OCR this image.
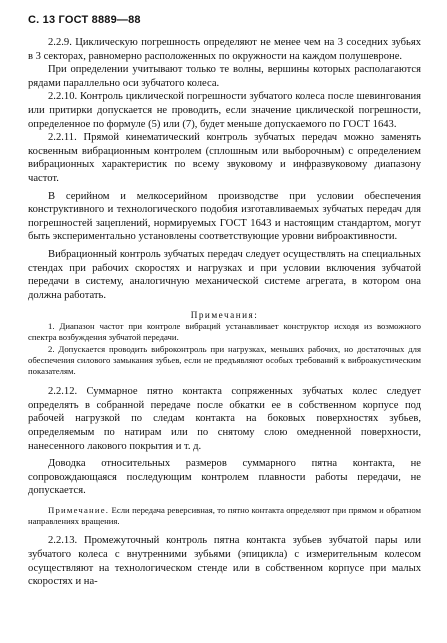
С. 13 ГОСТ 8889—88

2.2.9. Циклическую погрешность определяют не менее чем на 3 соседних зубьях в 3 секторах, равномерно расположенных по окружности на каждом полушевроне.

При определении учитывают только те волны, вершины которых располагаются рядами параллельно оси зубчатого колеса.

2.2.10. Контроль циклической погрешности зубчатого колеса после шевингования или притирки допускается не проводить, если значение циклической погрешности, определенное по формуле (5) или (7), будет меньше допускаемого по ГОСТ 1643.

2.2.11. Прямой кинематический контроль зубчатых передач можно заменять косвенным вибрационным контролем (сплошным или выборочным) с определением вибрационных характеристик по всему звуковому и инфразвуковому диапазону частот.

В серийном и мелкосерийном производстве при условии обеспечения конструктивного и технологического подобия изготавливаемых зубчатых передач для погрешностей зацеплений, нормируемых ГОСТ 1643 и настоящим стандартом, могут быть экспериментально установлены соответствующие уровни виброактивности.

Вибрационный контроль зубчатых передач следует осуществлять на специальных стендах при рабочих скоростях и нагрузках и при условии включения зубчатой передачи в систему, аналогичную механической системе агрегата, в котором она должна работать.

Примечания:

1. Диапазон частот при контроле вибраций устанавливает конструктор исходя из возможного спектра возбуждения зубчатой передачи.

2. Допускается проводить виброконтроль при нагрузках, меньших рабочих, но достаточных для обеспечения силового замыкания зубьев, если не предъявляют особых требований к виброакустическим показателям.

2.2.12. Суммарное пятно контакта сопряженных зубчатых колес следует определять в собранной передаче после обкатки ее в собственном корпусе под рабочей нагрузкой по следам контакта на боковых поверхностях зубьев, определяемым по натирам или по снятому слою омедненной поверхности, нанесенного лакового покрытия и т. д.

Доводка относительных размеров суммарного пятна контакта, не сопровождающаяся последующим контролем плавности работы передачи, не допускается.

Примечание. Если передача реверсивная, то пятно контакта определяют при прямом и обратном направлениях вращения.

2.2.13. Промежуточный контроль пятна контакта зубьев зубчатой пары или зубчатого колеса с внутренними зубьями (эпицикла) с измерительным колесом осуществляют на технологическом стенде или в собственном корпусе при малых скоростях и на-
